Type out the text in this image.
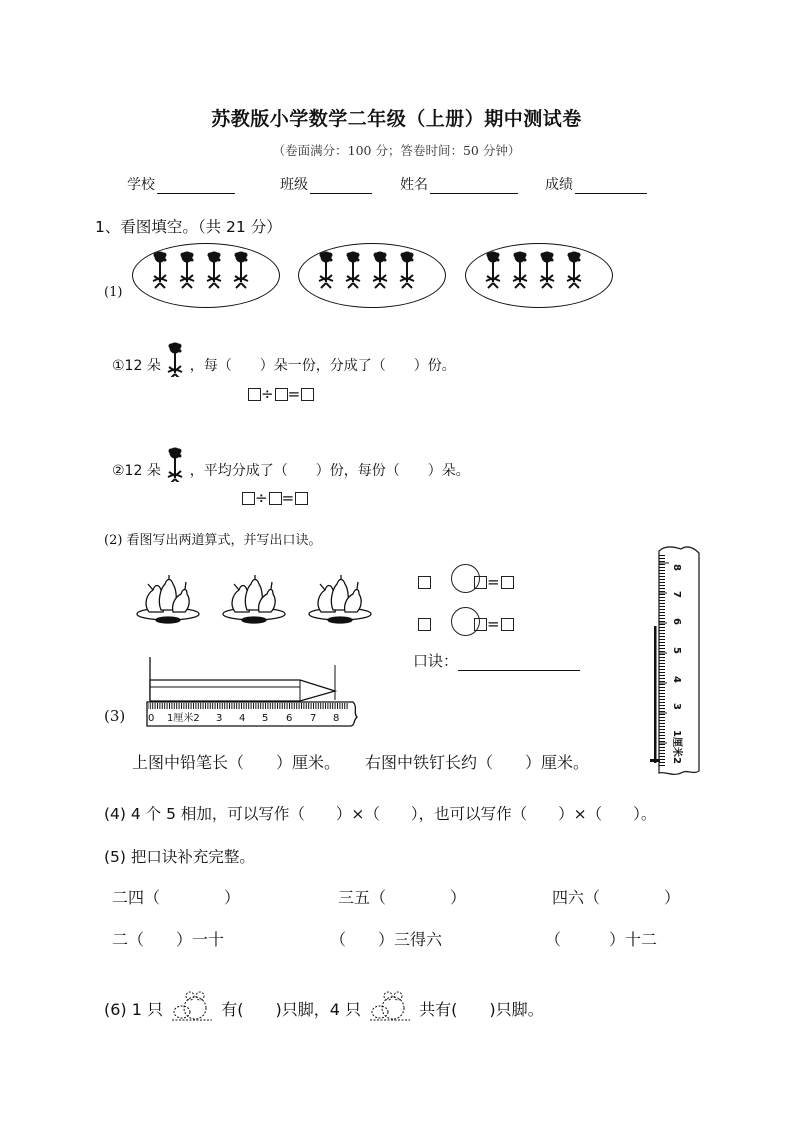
苏教版小学数学二年级（上册）期中测试卷
（卷面满分：100 分；答卷时间：50 分钟）
学校	班级	姓名	成绩
1、看图填空。（共 21 分）
(1)
①12 朵 ，每（　　）朵一份，分成了（　　）份。
÷ =
②12 朵 ，平均分成了（　　）份，每份（　　）朵。
÷ =
(2) 看图写出两道算式，并写出口诀。
=
=
口诀：
8
7
6
5
4
3
1厘米2
(3) 0 1厘米2 3 4 5 6 7 8
上图中铅笔长（　　）厘米。 右图中铁钉长约（　　）厘米。
(4) 4 个 5 相加，可以写作（　　）×（　　），也可以写作（　　）×（　　）。
(5) 把口诀补充完整。
二四（　　　　）	三五（　　　　）	四六（　　　　）
二（　　）一十	（　　）三得六	（　　　）十二
(6) 1 只	有(　　)只脚，4 只	共有(　　)只脚。
